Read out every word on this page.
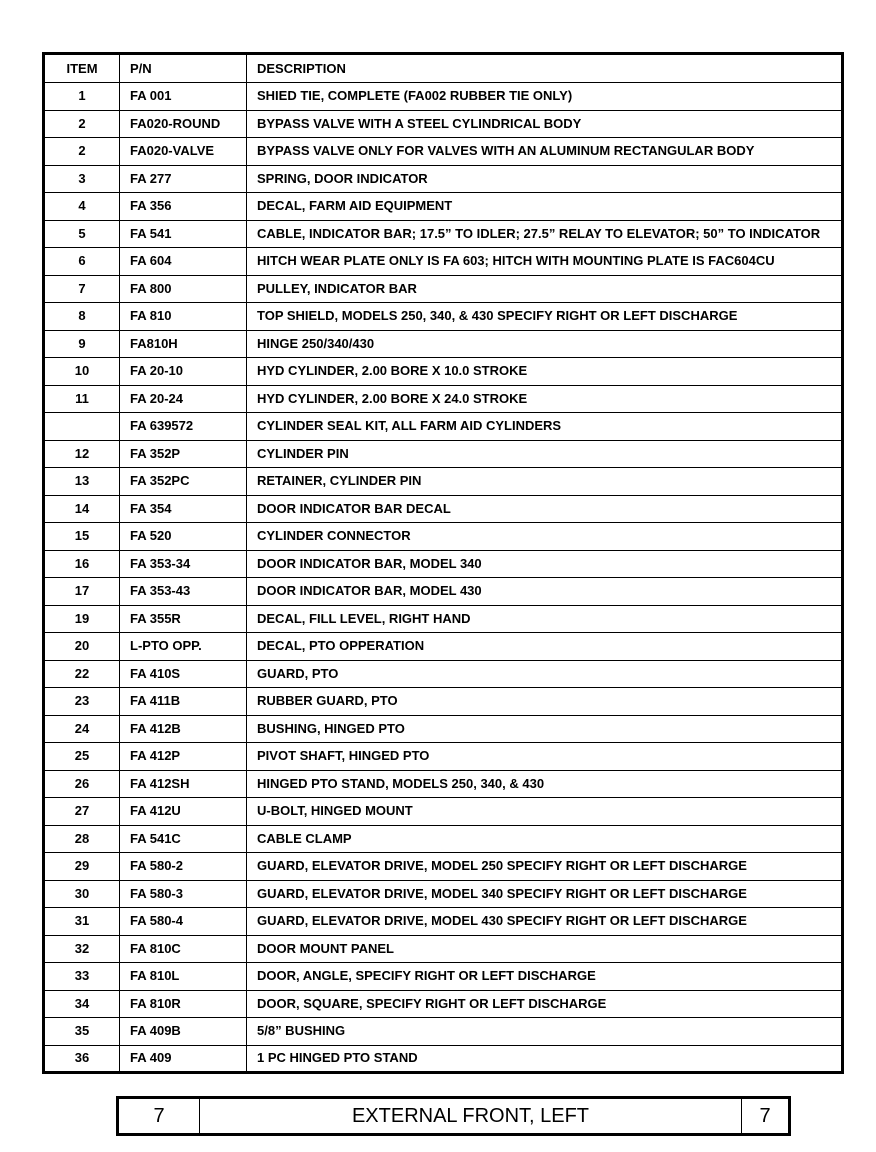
ITEM	P/N	DESCRIPTION
1	FA 001	SHIED TIE, COMPLETE (FA002 RUBBER TIE ONLY)
2	FA020-ROUND	BYPASS VALVE WITH A STEEL CYLINDRICAL BODY
2	FA020-VALVE	BYPASS VALVE ONLY FOR VALVES WITH AN ALUMINUM RECTANGULAR BODY
3	FA 277	SPRING, DOOR INDICATOR
4	FA 356	DECAL, FARM AID EQUIPMENT
5	FA 541	CABLE, INDICATOR BAR; 17.5” TO IDLER; 27.5” RELAY TO ELEVATOR; 50” TO INDICATOR
6	FA 604	HITCH WEAR PLATE ONLY IS FA 603; HITCH WITH MOUNTING PLATE IS FAC604CU
7	FA 800	PULLEY, INDICATOR BAR
8	FA 810	TOP SHIELD, MODELS 250, 340, & 430 SPECIFY RIGHT OR LEFT DISCHARGE
9	FA810H	HINGE 250/340/430
10	FA 20-10	HYD CYLINDER, 2.00 BORE X 10.0 STROKE
11	FA 20-24	HYD CYLINDER, 2.00 BORE X 24.0 STROKE
	FA 639572	CYLINDER SEAL KIT, ALL FARM AID CYLINDERS
12	FA 352P	CYLINDER PIN
13	FA 352PC	RETAINER, CYLINDER PIN
14	FA 354	DOOR INDICATOR BAR DECAL
15	FA 520	CYLINDER CONNECTOR
16	FA 353-34	DOOR INDICATOR BAR, MODEL 340
17	FA 353-43	DOOR INDICATOR BAR, MODEL 430
19	FA 355R	DECAL, FILL LEVEL, RIGHT HAND
20	L-PTO OPP.	DECAL, PTO OPPERATION
22	FA 410S	GUARD, PTO
23	FA 411B	RUBBER GUARD, PTO
24	FA 412B	BUSHING, HINGED PTO
25	FA 412P	PIVOT SHAFT, HINGED PTO
26	FA 412SH	HINGED PTO STAND, MODELS 250, 340, & 430
27	FA 412U	U-BOLT, HINGED MOUNT
28	FA 541C	CABLE CLAMP
29	FA 580-2	GUARD, ELEVATOR DRIVE, MODEL 250 SPECIFY RIGHT OR LEFT DISCHARGE
30	FA 580-3	GUARD, ELEVATOR DRIVE, MODEL 340 SPECIFY RIGHT OR LEFT DISCHARGE
31	FA 580-4	GUARD, ELEVATOR DRIVE, MODEL 430 SPECIFY RIGHT OR LEFT DISCHARGE
32	FA 810C	DOOR MOUNT PANEL
33	FA 810L	DOOR, ANGLE, SPECIFY RIGHT OR LEFT DISCHARGE
34	FA 810R	DOOR, SQUARE, SPECIFY RIGHT OR LEFT DISCHARGE
35	FA 409B	5/8” BUSHING
36	FA 409	1 PC HINGED PTO STAND
7	EXTERNAL FRONT, LEFT	7
